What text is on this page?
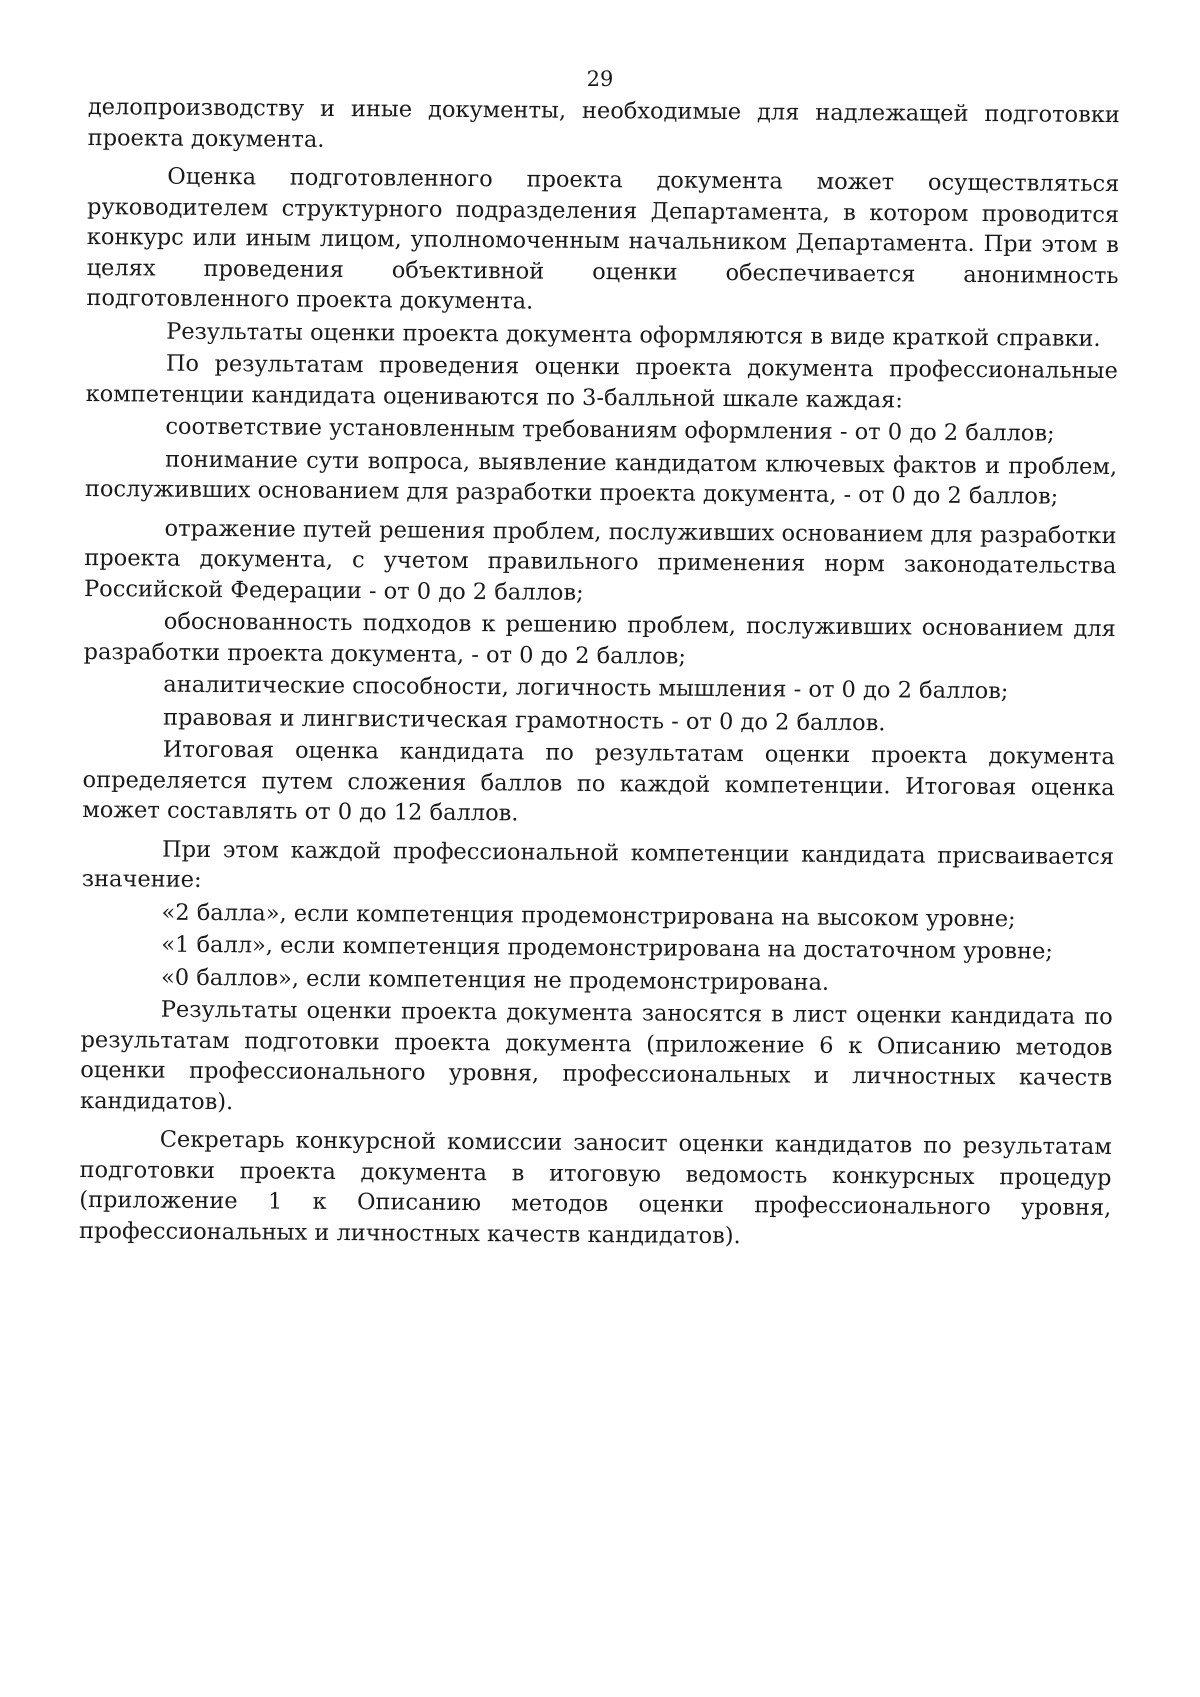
29

делопроизводству и иные документы, необходимые для надлежащей подготовки проекта документа.

Оценка подготовленного проекта документа может осуществляться руководителем структурного подразделения Департамента, в котором проводится конкурс или иным лицом, уполномоченным начальником Департамента. При этом в целях проведения объективной оценки обеспечивается анонимность подготовленного проекта документа.

Результаты оценки проекта документа оформляются в виде краткой справки.

По результатам проведения оценки проекта документа профессиональные компетенции кандидата оцениваются по 3-балльной шкале каждая:

соответствие установленным требованиям оформления - от 0 до 2 баллов;

понимание сути вопроса, выявление кандидатом ключевых фактов и проблем, послуживших основанием для разработки проекта документа, - от 0 до 2 баллов;

отражение путей решения проблем, послуживших основанием для разработки проекта документа, с учетом правильного применения норм законодательства Российской Федерации - от 0 до 2 баллов;

обоснованность подходов к решению проблем, послуживших основанием для разработки проекта документа, - от 0 до 2 баллов;

аналитические способности, логичность мышления - от 0 до 2 баллов;

правовая и лингвистическая грамотность - от 0 до 2 баллов.

Итоговая оценка кандидата по результатам оценки проекта документа определяется путем сложения баллов по каждой компетенции. Итоговая оценка может составлять от 0 до 12 баллов.

При этом каждой профессиональной компетенции кандидата присваивается значение:

«2 балла», если компетенция продемонстрирована на высоком уровне;

«1 балл», если компетенция продемонстрирована на достаточном уровне;

«0 баллов», если компетенция не продемонстрирована.

Результаты оценки проекта документа заносятся в лист оценки кандидата по результатам подготовки проекта документа (приложение 6 к Описанию методов оценки профессионального уровня, профессиональных и личностных качеств кандидатов).

Секретарь конкурсной комиссии заносит оценки кандидатов по результатам подготовки проекта документа в итоговую ведомость конкурсных процедур (приложение 1 к Описанию методов оценки профессионального уровня, профессиональных и личностных качеств кандидатов).
